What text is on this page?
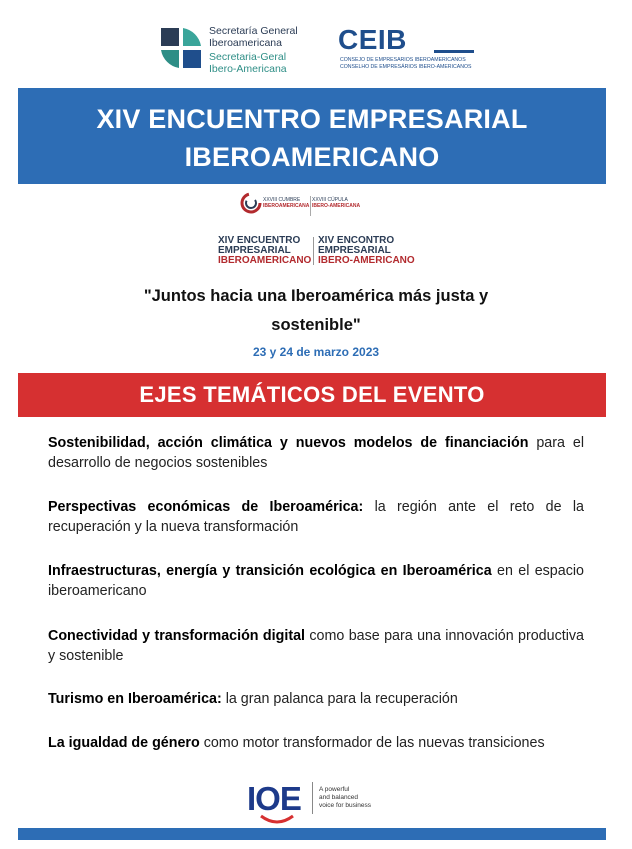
Secretaría General
Iberoamericana
Secretaria-Geral
Ibero-Americana
CEIB
CONSEJO DE EMPRESARIOS IBEROAMERICANOS
CONSELHO DE EMPRESÁRIOS IBERO-AMERICANOS
XIV ENCUENTRO EMPRESARIAL
IBEROAMERICANO
XXVIII CUMBRE
IBEROAMERICANA
XXVIII CÚPULA
IBERO-AMERICANA
XIV ENCUENTRO
EMPRESARIAL
IBEROAMERICANO
XIV ENCONTRO
EMPRESARIAL
IBERO-AMERICANO
"Juntos hacia una Iberoamérica más justa y
sostenible"
23 y 24 de marzo 2023
EJES TEMÁTICOS DEL EVENTO
Sostenibilidad, acción climática y nuevos modelos de financiación para el desarrollo de negocios sostenibles
Perspectivas económicas de Iberoamérica: la región ante el reto de la recuperación y la nueva transformación
Infraestructuras, energía y transición ecológica en Iberoamérica en el espacio iberoamericano
Conectividad y transformación digital como base para una innovación productiva y sostenible
Turismo en Iberoamérica: la gran palanca para la recuperación
La igualdad de género como motor transformador de las nuevas transiciones
IOE	A powerful
and balanced
voice for business
